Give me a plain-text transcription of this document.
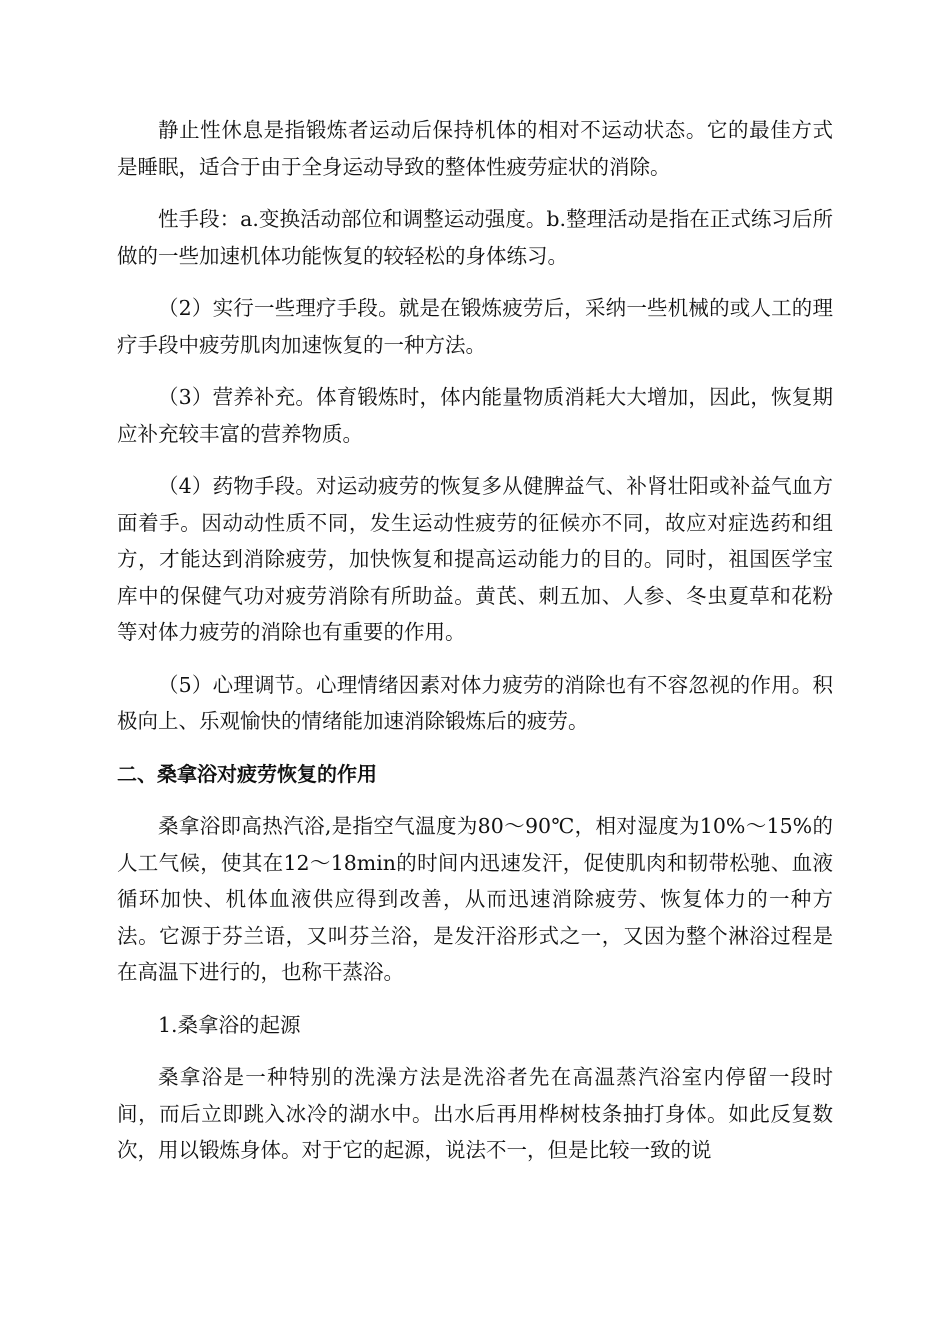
静止性休息是指锻炼者运动后保持机体的相对不运动状态。它的最佳方式是睡眠，适合于由于全身运动导致的整体性疲劳症状的消除。

性手段：a.变换活动部位和调整运动强度。b.整理活动是指在正式练习后所做的一些加速机体功能恢复的较轻松的身体练习。

（2）实行一些理疗手段。就是在锻炼疲劳后，采纳一些机械的或人工的理疗手段中疲劳肌肉加速恢复的一种方法。

（3）营养补充。体育锻炼时，体内能量物质消耗大大增加，因此，恢复期应补充较丰富的营养物质。

（4）药物手段。对运动疲劳的恢复多从健脾益气、补肾壮阳或补益气血方面着手。因动动性质不同，发生运动性疲劳的征候亦不同，故应对症选药和组方，才能达到消除疲劳，加快恢复和提高运动能力的目的。同时，祖国医学宝库中的保健气功对疲劳消除有所助益。黄芪、刺五加、人参、冬虫夏草和花粉等对体力疲劳的消除也有重要的作用。

（5）心理调节。心理情绪因素对体力疲劳的消除也有不容忽视的作用。积极向上、乐观愉快的情绪能加速消除锻炼后的疲劳。

二、桑拿浴对疲劳恢复的作用

桑拿浴即高热汽浴,是指空气温度为80～90℃，相对湿度为10%～15%的人工气候，使其在12～18min的时间内迅速发汗，促使肌肉和韧带松驰、血液循环加快、机体血液供应得到改善，从而迅速消除疲劳、恢复体力的一种方法。它源于芬兰语，又叫芬兰浴，是发汗浴形式之一，又因为整个淋浴过程是在高温下进行的，也称干蒸浴。

1.桑拿浴的起源

桑拿浴是一种特别的洗澡方法是洗浴者先在高温蒸汽浴室内停留一段时间，而后立即跳入冰冷的湖水中。出水后再用桦树枝条抽打身体。如此反复数次，用以锻炼身体。对于它的起源，说法不一，但是比较一致的说
